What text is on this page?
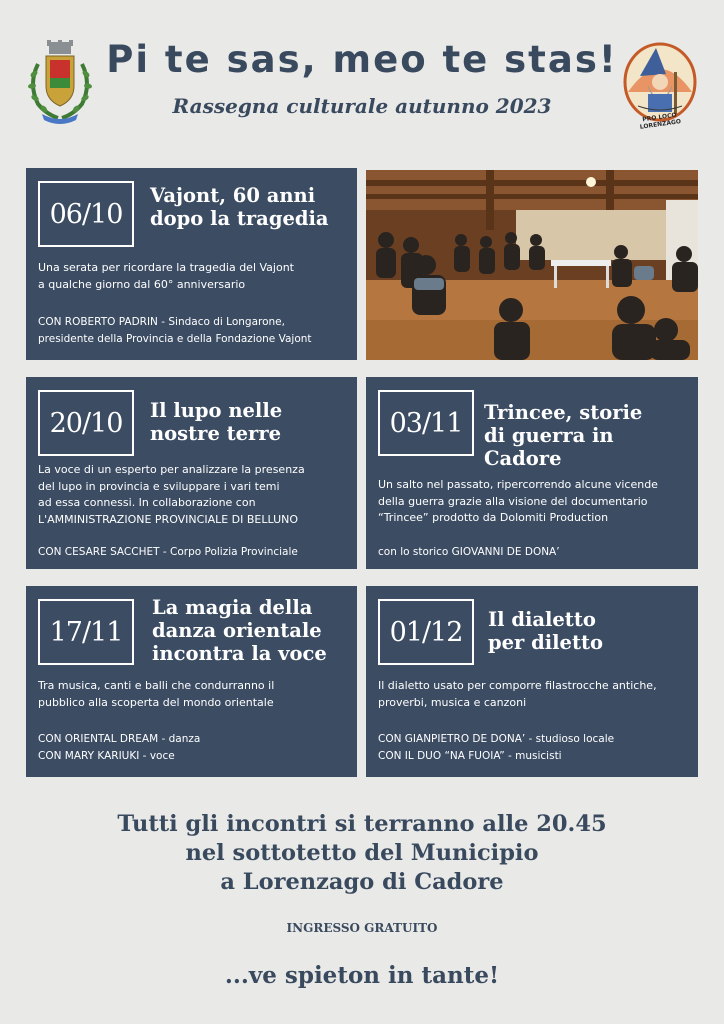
Pi te sas, meo te stas!
Rassegna culturale autunno 2023	PRO LOCO LORENZAGO
06/10
Vajont, 60 anni
dopo la tragedia
Una serata per ricordare la tragedia del Vajont
a qualche giorno dal 60° anniversario
CON ROBERTO PADRIN - Sindaco di Longarone,
presidente della Provincia e della Fondazione Vajont
20/10	Il lupo nelle
nostre terre
La voce di un esperto per analizzare la presenza
del lupo in provincia e sviluppare i vari temi
ad essa connessi. In collaborazione con
L'AMMINISTRAZIONE PROVINCIALE DI BELLUNO
CON CESARE SACCHET - Corpo Polizia Provinciale
03/11	Trincee, storie
di guerra in Cadore
Un salto nel passato, ripercorrendo alcune vicende
della guerra grazie alla visione del documentario
“Trincee” prodotto da Dolomiti Production
con lo storico GIOVANNI DE DONA’
17/11
La magia della
danza orientale
incontra la voce
Tra musica, canti e balli che condurranno il
pubblico alla scoperta del mondo orientale
CON ORIENTAL DREAM - danza
CON MARY KARIUKI - voce
01/12	Il dialetto
per diletto
Il dialetto usato per comporre filastrocche antiche,
proverbi, musica e canzoni
CON GIANPIETRO DE DONA’ - studioso locale
CON IL DUO “NA FUOIA” - musicisti
Tutti gli incontri si terranno alle 20.45
nel sottotetto del Municipio
a Lorenzago di Cadore
INGRESSO GRATUITO
...ve spieton in tante!
